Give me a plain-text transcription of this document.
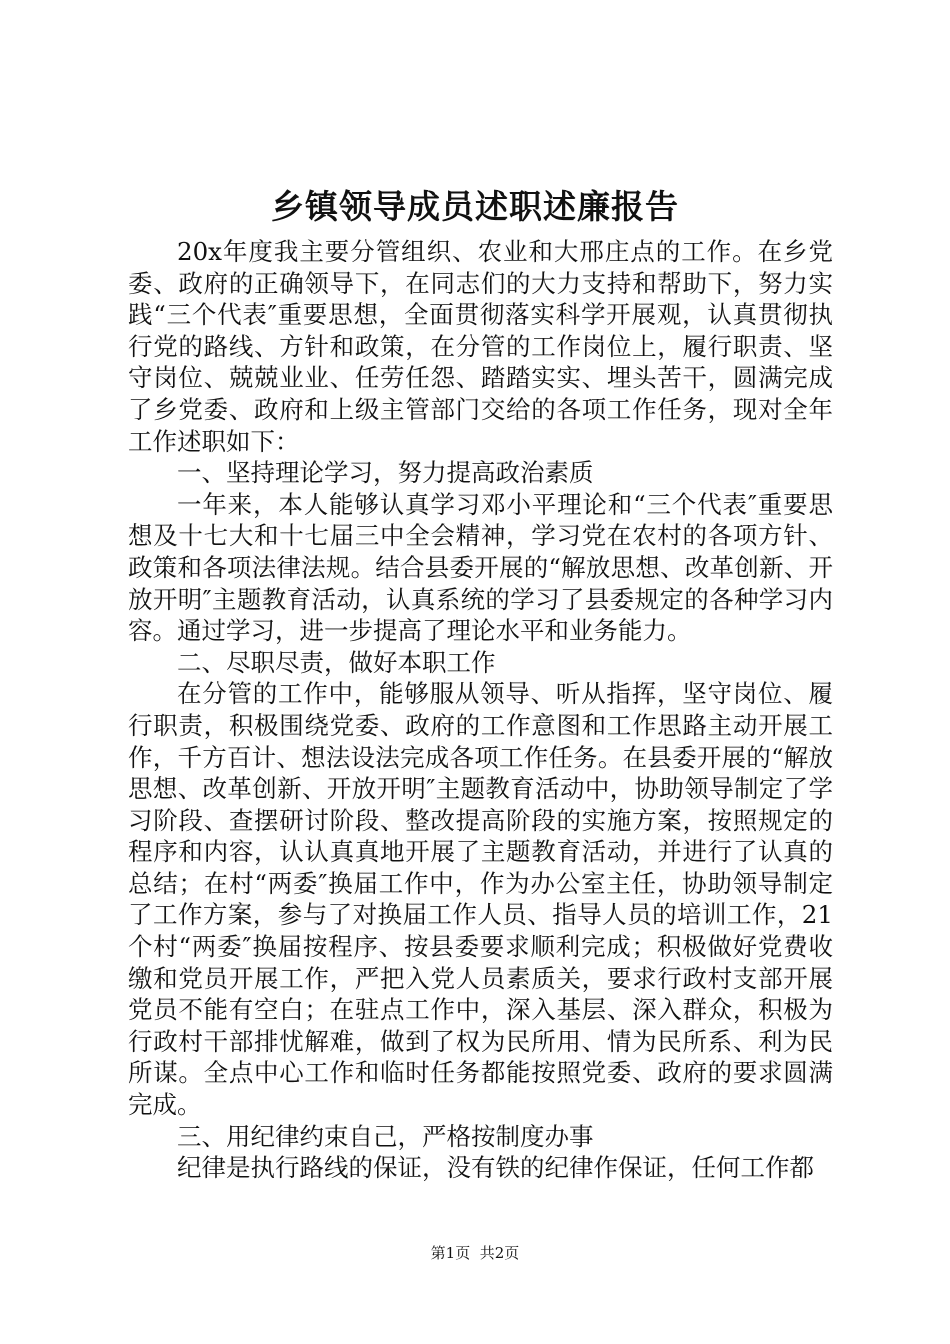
乡镇领导成员述职述廉报告

20x年度我主要分管组织、农业和大邢庄点的工作。在乡党委、政府的正确领导下，在同志们的大力支持和帮助下，努力实践“三个代表″重要思想，全面贯彻落实科学开展观，认真贯彻执行党的路线、方针和政策，在分管的工作岗位上，履行职责、坚守岗位、兢兢业业、任劳任怨、踏踏实实、埋头苦干，圆满完成了乡党委、政府和上级主管部门交给的各项工作任务，现对全年工作述职如下：

一、坚持理论学习，努力提高政治素质

一年来，本人能够认真学习邓小平理论和“三个代表″重要思想及十七大和十七届三中全会精神，学习党在农村的各项方针、政策和各项法律法规。结合县委开展的“解放思想、改革创新、开放开明″主题教育活动，认真系统的学习了县委规定的各种学习内容。通过学习，进一步提高了理论水平和业务能力。

二、尽职尽责，做好本职工作

在分管的工作中，能够服从领导、听从指挥，坚守岗位、履行职责，积极围绕党委、政府的工作意图和工作思路主动开展工作，千方百计、想法设法完成各项工作任务。在县委开展的“解放思想、改革创新、开放开明″主题教育活动中，协助领导制定了学习阶段、查摆研讨阶段、整改提高阶段的实施方案，按照规定的程序和内容，认认真真地开展了主题教育活动，并进行了认真的总结；在村“两委″换届工作中，作为办公室主任，协助领导制定了工作方案，参与了对换届工作人员、指导人员的培训工作，21个村“两委″换届按程序、按县委要求顺利完成；积极做好党费收缴和党员开展工作，严把入党人员素质关，要求行政村支部开展党员不能有空白；在驻点工作中，深入基层、深入群众，积极为行政村干部排忧解难，做到了权为民所用、情为民所系、利为民所谋。全点中心工作和临时任务都能按照党委、政府的要求圆满完成。

三、用纪律约束自己，严格按制度办事

纪律是执行路线的保证，没有铁的纪律作保证，任何工作都

第1页 共2页
